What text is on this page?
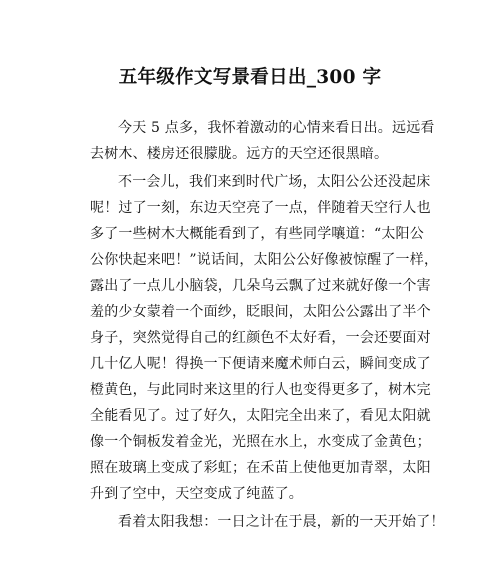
五年级作文写景看日出_300 字
今天 5 点多，我怀着激动的心情来看日出。远远看
去树木、楼房还很朦胧。远方的天空还很黑暗。
不一会儿，我们来到时代广场，太阳公公还没起床
呢！过了一刻，东边天空亮了一点，伴随着天空行人也
多了一些树木大概能看到了，有些同学嚷道：“太阳公
公你快起来吧！”说话间，太阳公公好像被惊醒了一样，
露出了一点儿小脑袋，几朵乌云飘了过来就好像一个害
羞的少女蒙着一个面纱，眨眼间，太阳公公露出了半个
身子，突然觉得自己的红颜色不太好看，一会还要面对
几十亿人呢！得换一下便请来魔术师白云，瞬间变成了
橙黄色，与此同时来这里的行人也变得更多了，树木完
全能看见了。过了好久，太阳完全出来了，看见太阳就
像一个铜板发着金光，光照在水上，水变成了金黄色；
照在玻璃上变成了彩虹；在禾苗上使他更加青翠，太阳
升到了空中，天空变成了纯蓝了。
看着太阳我想：一日之计在于晨，新的一天开始了！
